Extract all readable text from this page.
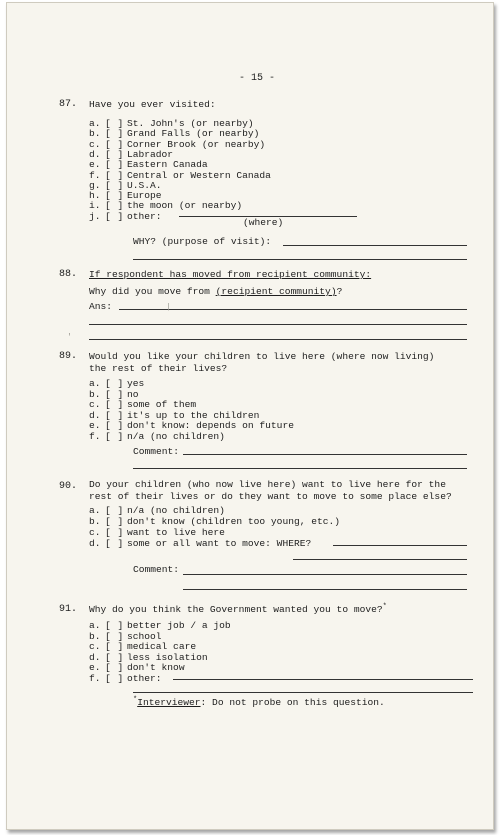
- 15 -
87. Have you ever visited:
a. [ ] St. John's (or nearby)
b. [ ] Grand Falls (or nearby)
c. [ ] Corner Brook (or nearby)
d. [ ] Labrador
e. [ ] Eastern Canada
f. [ ] Central or Western Canada
g. [ ] U.S.A.
h. [ ] Europe
i. [ ] the moon (or nearby)
j. [ ] other:
(where)
WHY? (purpose of visit):
88. If respondent has moved from recipient community:
Why did you move from (recipient community)?
Ans:
'
|
89. Would you like your children to live here (where now living)
the rest of their lives?
a. [ ] yes
b. [ ] no
c. [ ] some of them
d. [ ] it's up to the children
e. [ ] don't know: depends on future
f. [ ] n/a (no children)
Comment:
90. Do your children (who now live here) want to live here for the
rest of their lives or do they want to move to some place else?
a. [ ] n/a (no children)
b. [ ] don't know (children too young, etc.)
c. [ ] want to live here
d. [ ] some or all want to move: WHERE?
Comment:
91. Why do you think the Government wanted you to move?*
a. [ ] better job / a job
b. [ ] school
c. [ ] medical care
d. [ ] less isolation
e. [ ] don't know
f. [ ] other:
*Interviewer: Do not probe on this question.
